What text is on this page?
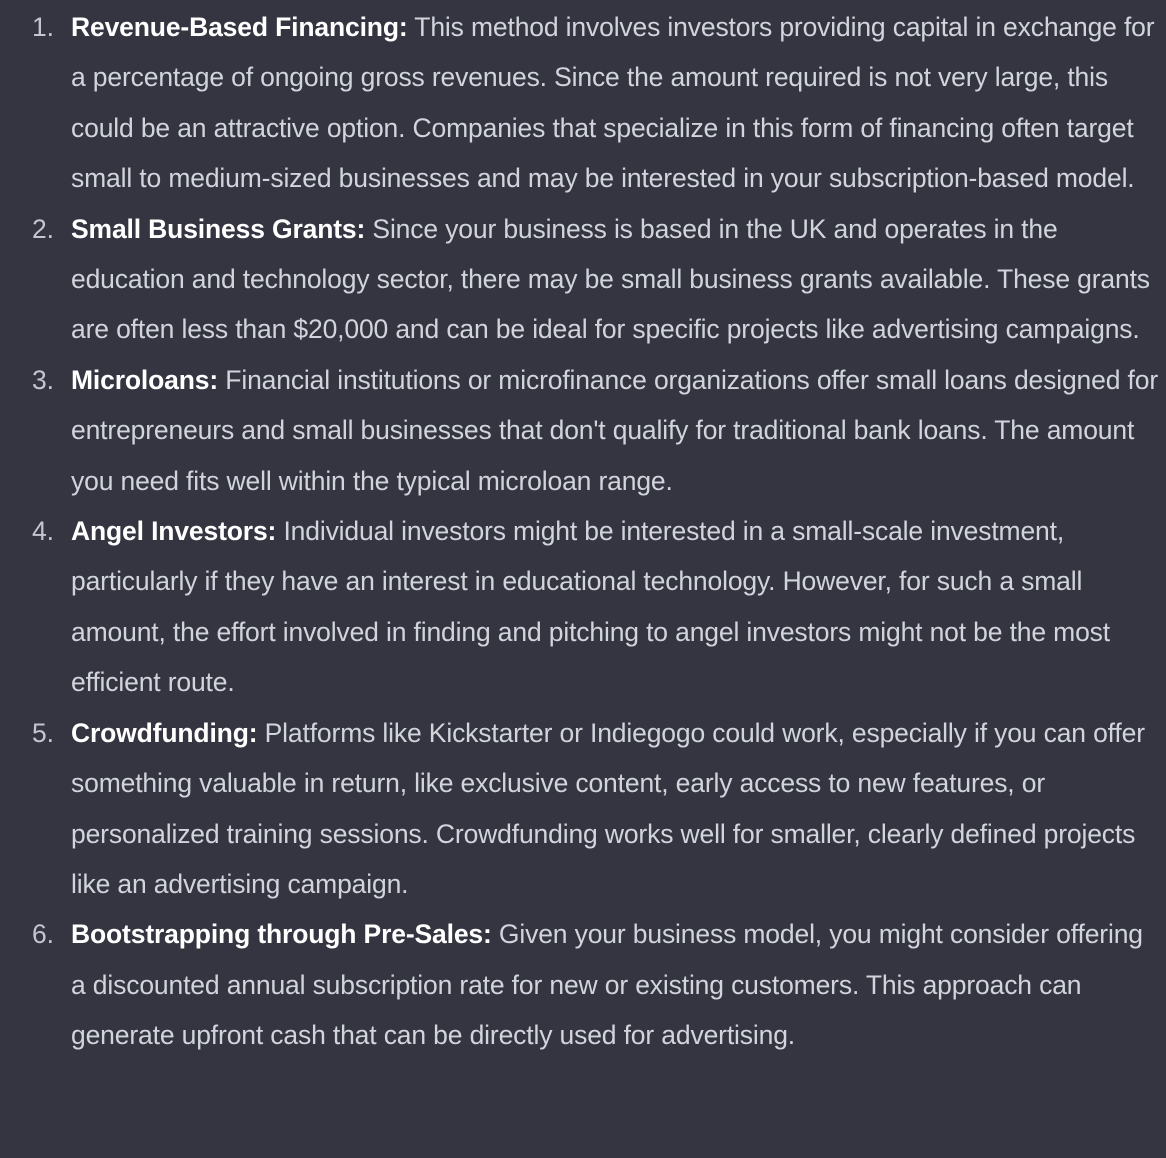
1. Revenue-Based Financing: This method involves investors providing capital in exchange for a percentage of ongoing gross revenues. Since the amount required is not very large, this could be an attractive option. Companies that specialize in this form of financing often target small to medium-sized businesses and may be interested in your subscription-based model.
2. Small Business Grants: Since your business is based in the UK and operates in the education and technology sector, there may be small business grants available. These grants are often less than $20,000 and can be ideal for specific projects like advertising campaigns.
3. Microloans: Financial institutions or microfinance organizations offer small loans designed for entrepreneurs and small businesses that don't qualify for traditional bank loans. The amount you need fits well within the typical microloan range.
4. Angel Investors: Individual investors might be interested in a small-scale investment, particularly if they have an interest in educational technology. However, for such a small amount, the effort involved in finding and pitching to angel investors might not be the most efficient route.
5. Crowdfunding: Platforms like Kickstarter or Indiegogo could work, especially if you can offer something valuable in return, like exclusive content, early access to new features, or personalized training sessions. Crowdfunding works well for smaller, clearly defined projects like an advertising campaign.
6. Bootstrapping through Pre-Sales: Given your business model, you might consider offering a discounted annual subscription rate for new or existing customers. This approach can generate upfront cash that can be directly used for advertising.
